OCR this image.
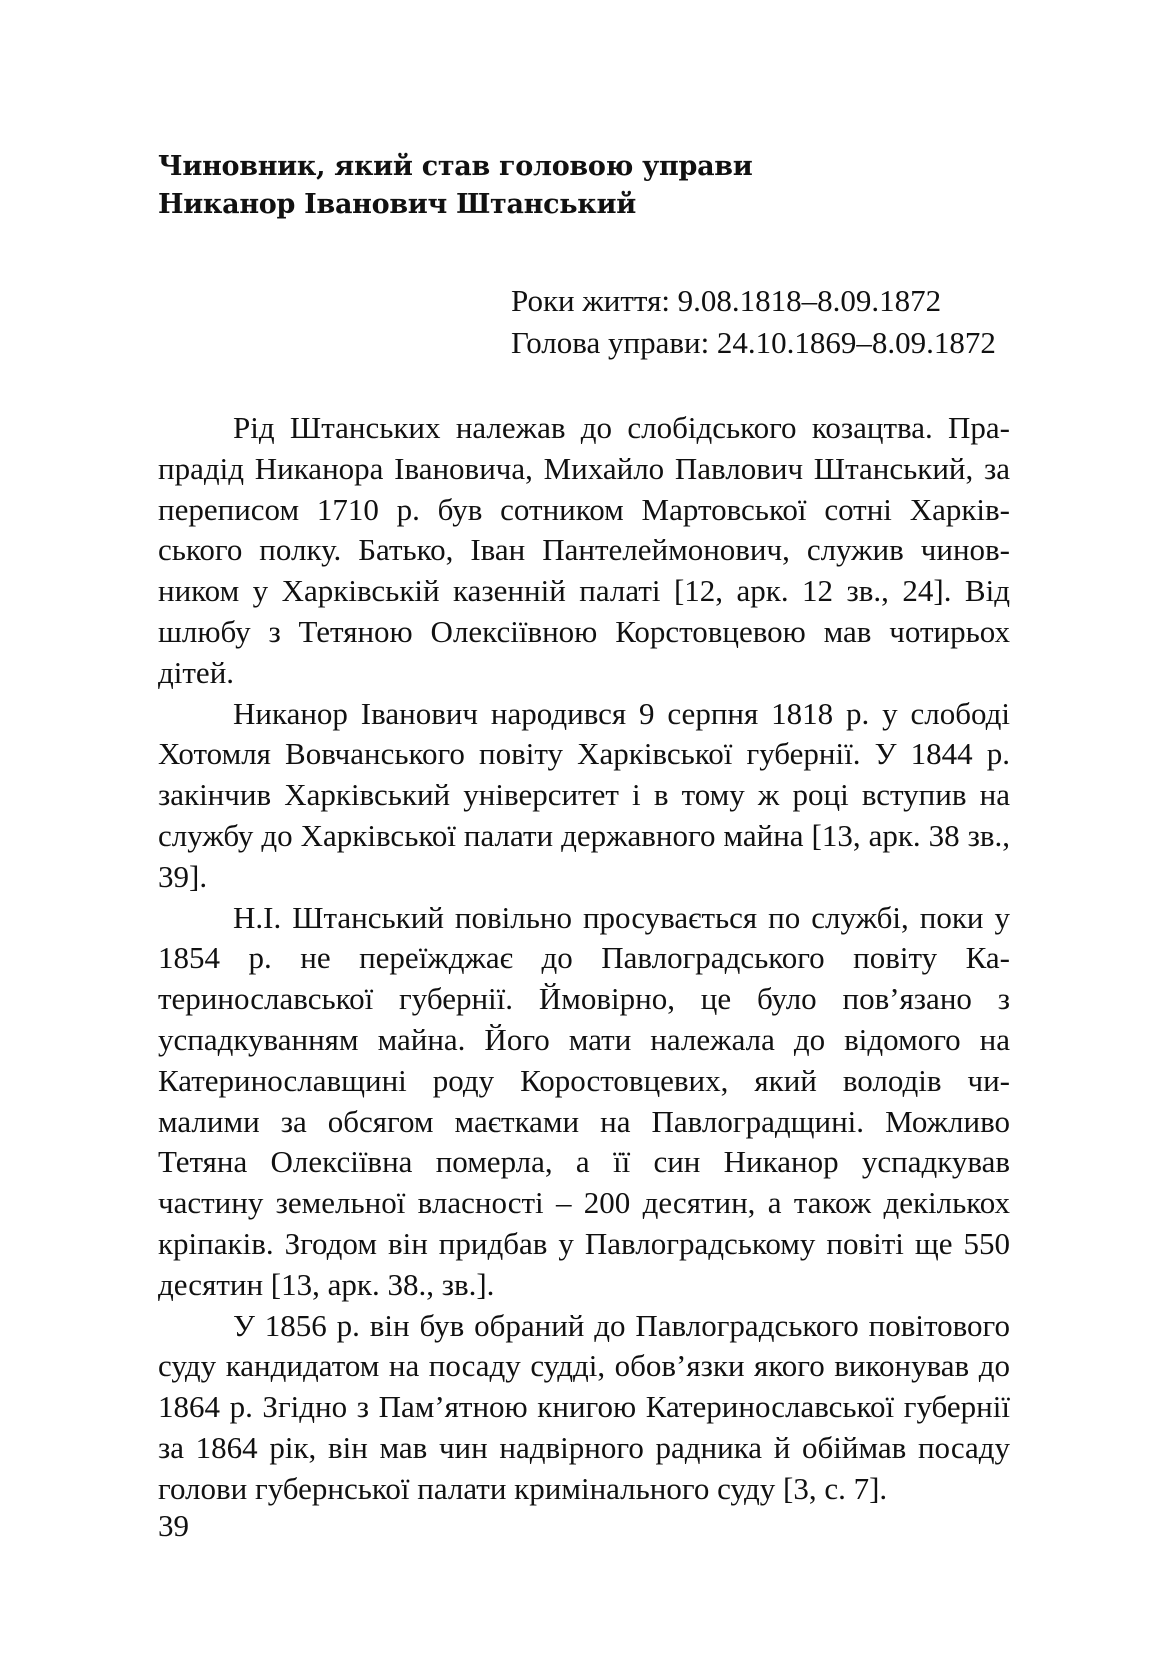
Чиновник, який став головою управи
Никанор Іванович Штанський
Роки життя: 9.08.1818–8.09.1872
Голова управи: 24.10.1869–8.09.1872

Рід Штанських належав до слобідського козацтва. Прапрадід Никанора Івановича, Михайло Павлович Штанський, за переписом 1710 р. був сотником Мартовської сотні Харківського полку. Батько, Іван Пантелеймонович, служив чиновником у Харківській казенній палаті [12, арк. 12 зв., 24]. Від шлюбу з Тетяною Олексіївною Корстовцевою мав чотирьох дітей.

Никанор Іванович народився 9 серпня 1818 р. у слободі Хотомля Вовчанського повіту Харківської губернії. У 1844 р. закінчив Харківський університет і в тому ж році вступив на службу до Харківської палати державного майна [13, арк. 38 зв., 39].

Н.І. Штанський повільно просувається по службі, поки у 1854 р. не переїжджає до Павлоградського повіту Катеринославської губернії. Ймовірно, це було пов’язано з успадкуванням майна. Його мати належала до відомого на Катеринославщині роду Коростовцевих, який володів чималими за обсягом маєтками на Павлоградщині. Можливо Тетяна Олексіївна померла, а її син Никанор успадкував частину земельної власності – 200 десятин, а також декількох кріпаків. Згодом він придбав у Павлоградському повіті ще 550 десятин [13, арк. 38., зв.].

У 1856 р. він був обраний до Павлоградського повітового суду кандидатом на посаду судді, обов’язки якого виконував до 1864 р. Згідно з Пам’ятною книгою Катеринославської губернії за 1864 рік, він мав чин надвірного радника й обіймав посаду голови губернської палати кримінального суду [3, с. 7].

39
